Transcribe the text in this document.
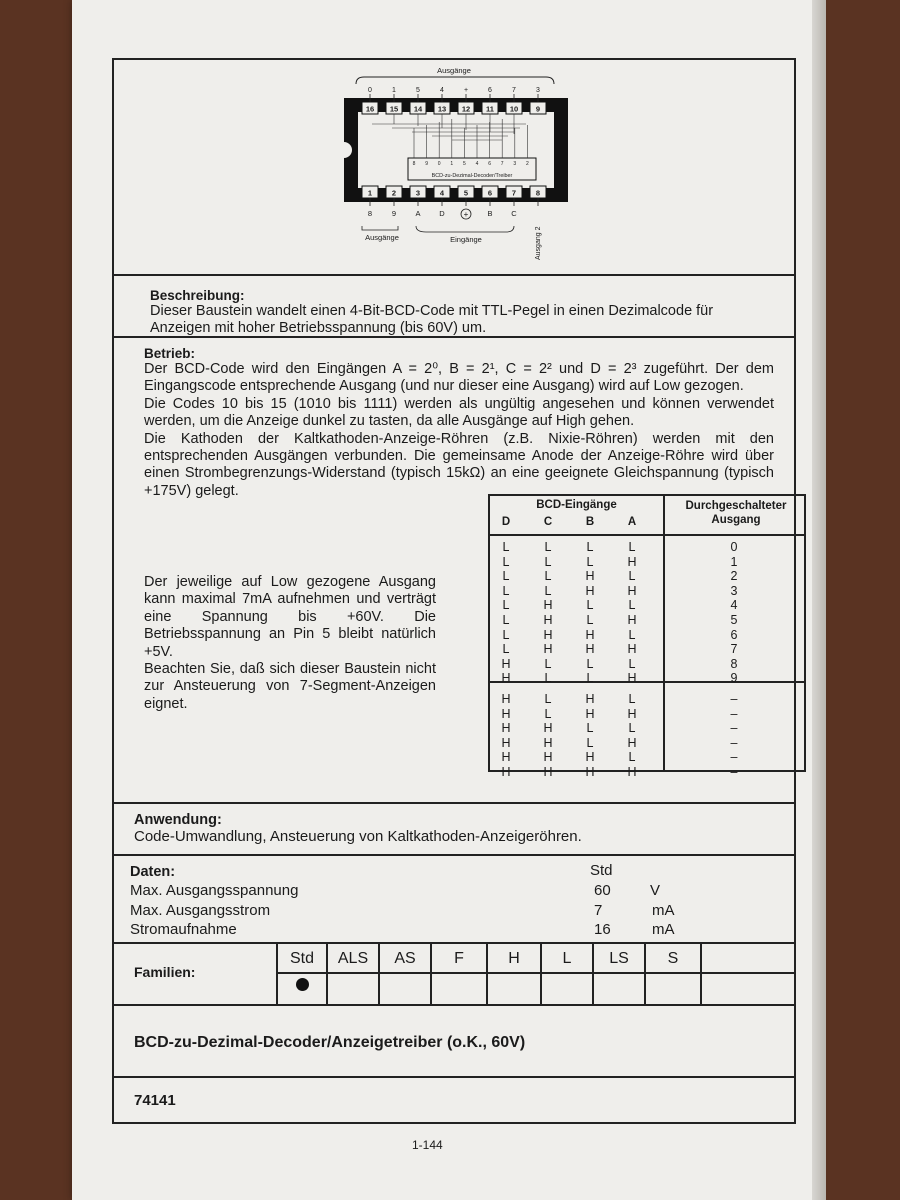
Ausgänge
16
0
15
1
14
5
13
4
12
+
11
6
10
7
9
3
1
8
2
9
3
A
4
D
5
+
6
B
7
C
8
Ausgang 2
BCD-zu-Dezimal-Decoder/Treiber
8 9 0 1 5 4 6 7 3 2
Ausgänge	Eingänge
Beschreibung:
Dieser Baustein wandelt einen 4-Bit-BCD-Code mit TTL-Pegel in einen Dezimalcode für
Anzeigen mit hoher Betriebsspannung (bis 60V) um.
Betrieb:

Der BCD-Code wird den Eingängen A = 2⁰, B = 2¹, C = 2² und D = 2³ zugeführt. Der dem Eingangscode entsprechende Ausgang (und nur dieser eine Ausgang) wird auf Low gezogen.

Die Codes 10 bis 15 (1010 bis 1111) werden als ungültig angesehen und können verwendet werden, um die Anzeige dunkel zu tasten, da alle Ausgänge auf High gehen.

Die Kathoden der Kaltkathoden-Anzeige-Röhren (z.B. Nixie-Röhren) werden mit den entsprechenden Ausgängen verbunden. Die gemeinsame Anode der Anzeige-Röhre wird über einen Strombegrenzungs-Widerstand (typisch 15kΩ) an eine geeignete Gleichspannung (typisch +175V) gelegt.

Der jeweilige auf Low gezogene Ausgang kann maximal 7mA aufnehmen und verträgt eine Spannung bis +60V. Die Betriebsspannung an Pin 5 bleibt natürlich +5V.

Beachten Sie, daß sich dieser Baustein nicht zur Ansteuerung von 7-Segment-Anzeigen eignet.

BCD-Eingänge	Durchgeschalteter Ausgang
D	C	B	A
L	L	L	L	0
L	L	L	H	1
L	L	H	L	2
L	L	H	H	3
L	H	L	L	4
L	H	L	H	5
L	H	H	L	6
L	H	H	H	7
H	L	L	L	8
H	L	L	H	9
H	L	H	L	–
H	L	H	H	–
H	H	L	L	–
H	H	L	H	–
H	H	H	L	–
H	H	H	H	–
Anwendung:
Code-Umwandlung, Ansteuerung von Kaltkathoden-Anzeigeröhren.
Daten:	Std
Max. Ausgangsspannung	60	V
Max. Ausgangsstrom	7	mA
Stromaufnahme	16	mA
Familien:
Std	ALS	AS	F	H	L	LS	S
BCD-zu-Dezimal-Decoder/Anzeigetreiber (o.K., 60V)
74141
1-144
